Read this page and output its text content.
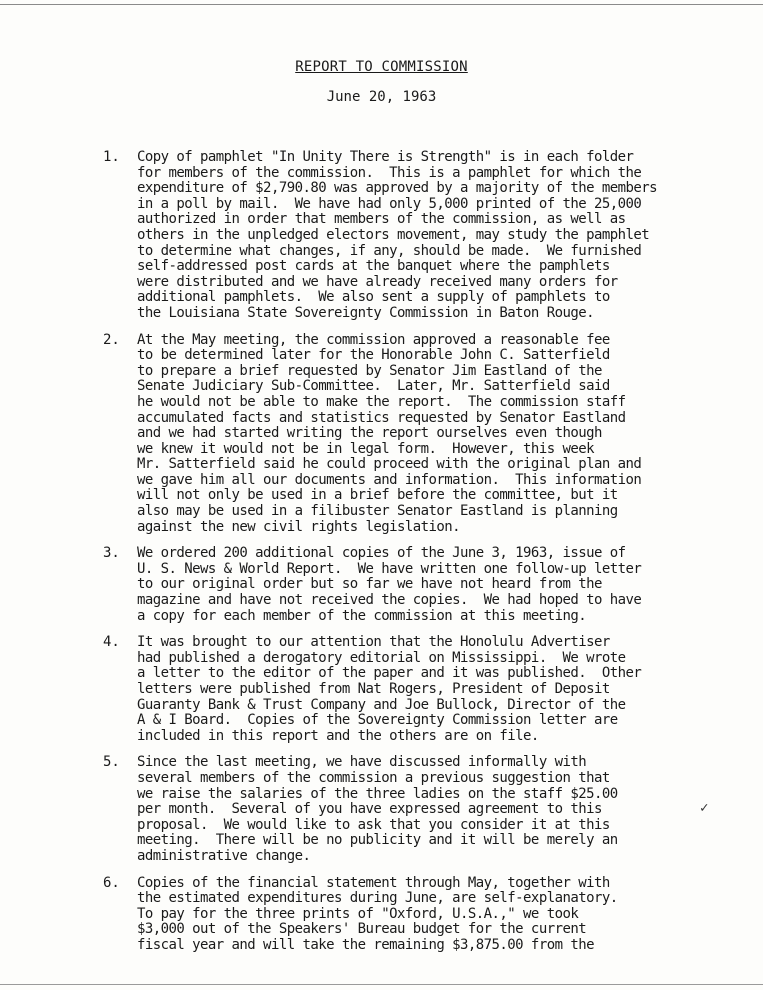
REPORT TO COMMISSION
June 20, 1963
1.	Copy of pamphlet "In Unity There is Strength" is in each folder
for members of the commission.  This is a pamphlet for which the
expenditure of $2,790.80 was approved by a majority of the members
in a poll by mail.  We have had only 5,000 printed of the 25,000
authorized in order that members of the commission, as well as
others in the unpledged electors movement, may study the pamphlet
to determine what changes, if any, should be made.  We furnished
self-addressed post cards at the banquet where the pamphlets
were distributed and we have already received many orders for
additional pamphlets.  We also sent a supply of pamphlets to
the Louisiana State Sovereignty Commission in Baton Rouge.
2.	At the May meeting, the commission approved a reasonable fee
to be determined later for the Honorable John C. Satterfield
to prepare a brief requested by Senator Jim Eastland of the
Senate Judiciary Sub-Committee.  Later, Mr. Satterfield said
he would not be able to make the report.  The commission staff
accumulated facts and statistics requested by Senator Eastland
and we had started writing the report ourselves even though
we knew it would not be in legal form.  However, this week
Mr. Satterfield said he could proceed with the original plan and
we gave him all our documents and information.  This information
will not only be used in a brief before the committee, but it
also may be used in a filibuster Senator Eastland is planning
against the new civil rights legislation.
3.	We ordered 200 additional copies of the June 3, 1963, issue of
U. S. News & World Report.  We have written one follow-up letter
to our original order but so far we have not heard from the
magazine and have not received the copies.  We had hoped to have
a copy for each member of the commission at this meeting.
4.	It was brought to our attention that the Honolulu Advertiser
had published a derogatory editorial on Mississippi.  We wrote
a letter to the editor of the paper and it was published.  Other
letters were published from Nat Rogers, President of Deposit
Guaranty Bank & Trust Company and Joe Bullock, Director of the
A & I Board.  Copies of the Sovereignty Commission letter are
included in this report and the others are on file.
5.	Since the last meeting, we have discussed informally with
several members of the commission a previous suggestion that
we raise the salaries of the three ladies on the staff $25.00
per month.  Several of you have expressed agreement to this
proposal.  We would like to ask that you consider it at this
meeting.  There will be no publicity and it will be merely an
administrative change.
6.	Copies of the financial statement through May, together with
the estimated expenditures during June, are self-explanatory.
To pay for the three prints of "Oxford, U.S.A.," we took
$3,000 out of the Speakers' Bureau budget for the current
fiscal year and will take the remaining $3,875.00 from the
✓
